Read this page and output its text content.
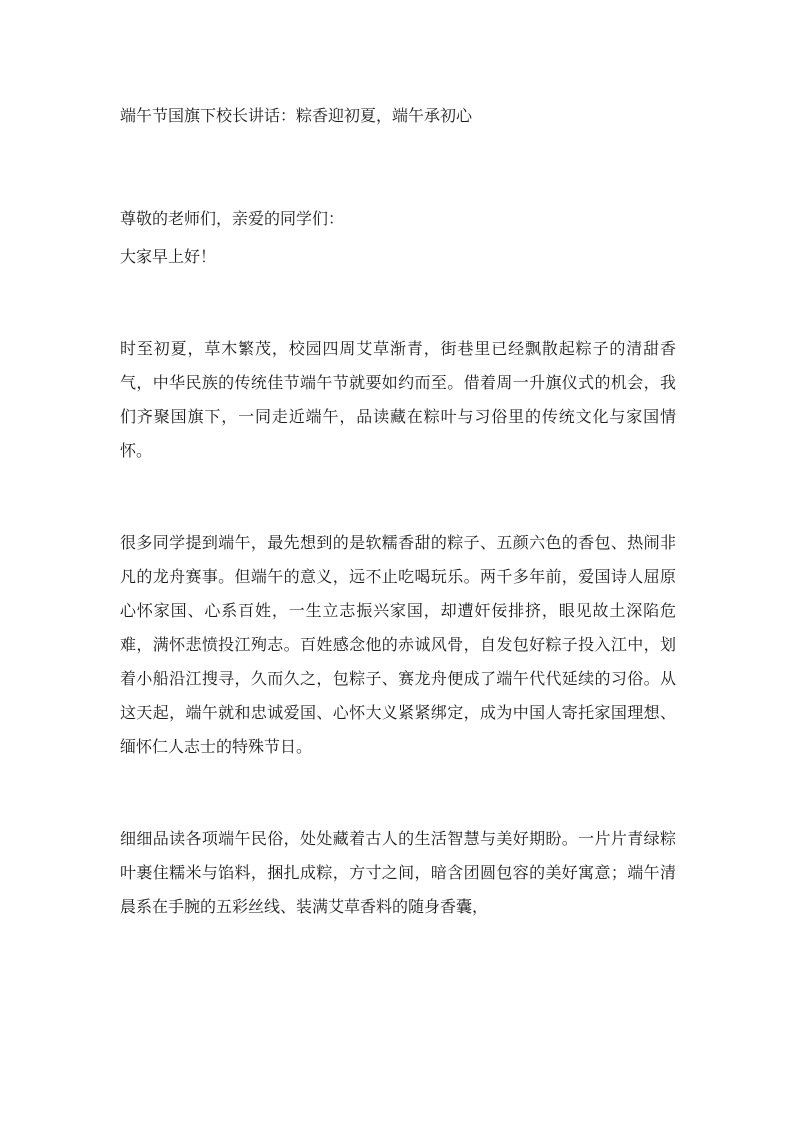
端午节国旗下校长讲话：粽香迎初夏，端午承初心

尊敬的老师们，亲爱的同学们：
大家早上好！

时至初夏，草木繁茂，校园四周艾草渐青，街巷里已经飘散起粽子的清甜香气，中华民族的传统佳节端午节就要如约而至。借着周一升旗仪式的机会，我们齐聚国旗下，一同走近端午，品读藏在粽叶与习俗里的传统文化与家国情怀。

很多同学提到端午，最先想到的是软糯香甜的粽子、五颜六色的香包、热闹非凡的龙舟赛事。但端午的意义，远不止吃喝玩乐。两千多年前，爱国诗人屈原心怀家国、心系百姓，一生立志振兴家国，却遭奸佞排挤，眼见故土深陷危难，满怀悲愤投江殉志。百姓感念他的赤诚风骨，自发包好粽子投入江中，划着小船沿江搜寻，久而久之，包粽子、赛龙舟便成了端午代代延续的习俗。从这天起，端午就和忠诚爱国、心怀大义紧紧绑定，成为中国人寄托家国理想、缅怀仁人志士的特殊节日。

细细品读各项端午民俗，处处藏着古人的生活智慧与美好期盼。一片片青绿粽叶裹住糯米与馅料，捆扎成粽，方寸之间，暗含团圆包容的美好寓意；端午清晨系在手腕的五彩丝线、装满艾草香料的随身香囊，
